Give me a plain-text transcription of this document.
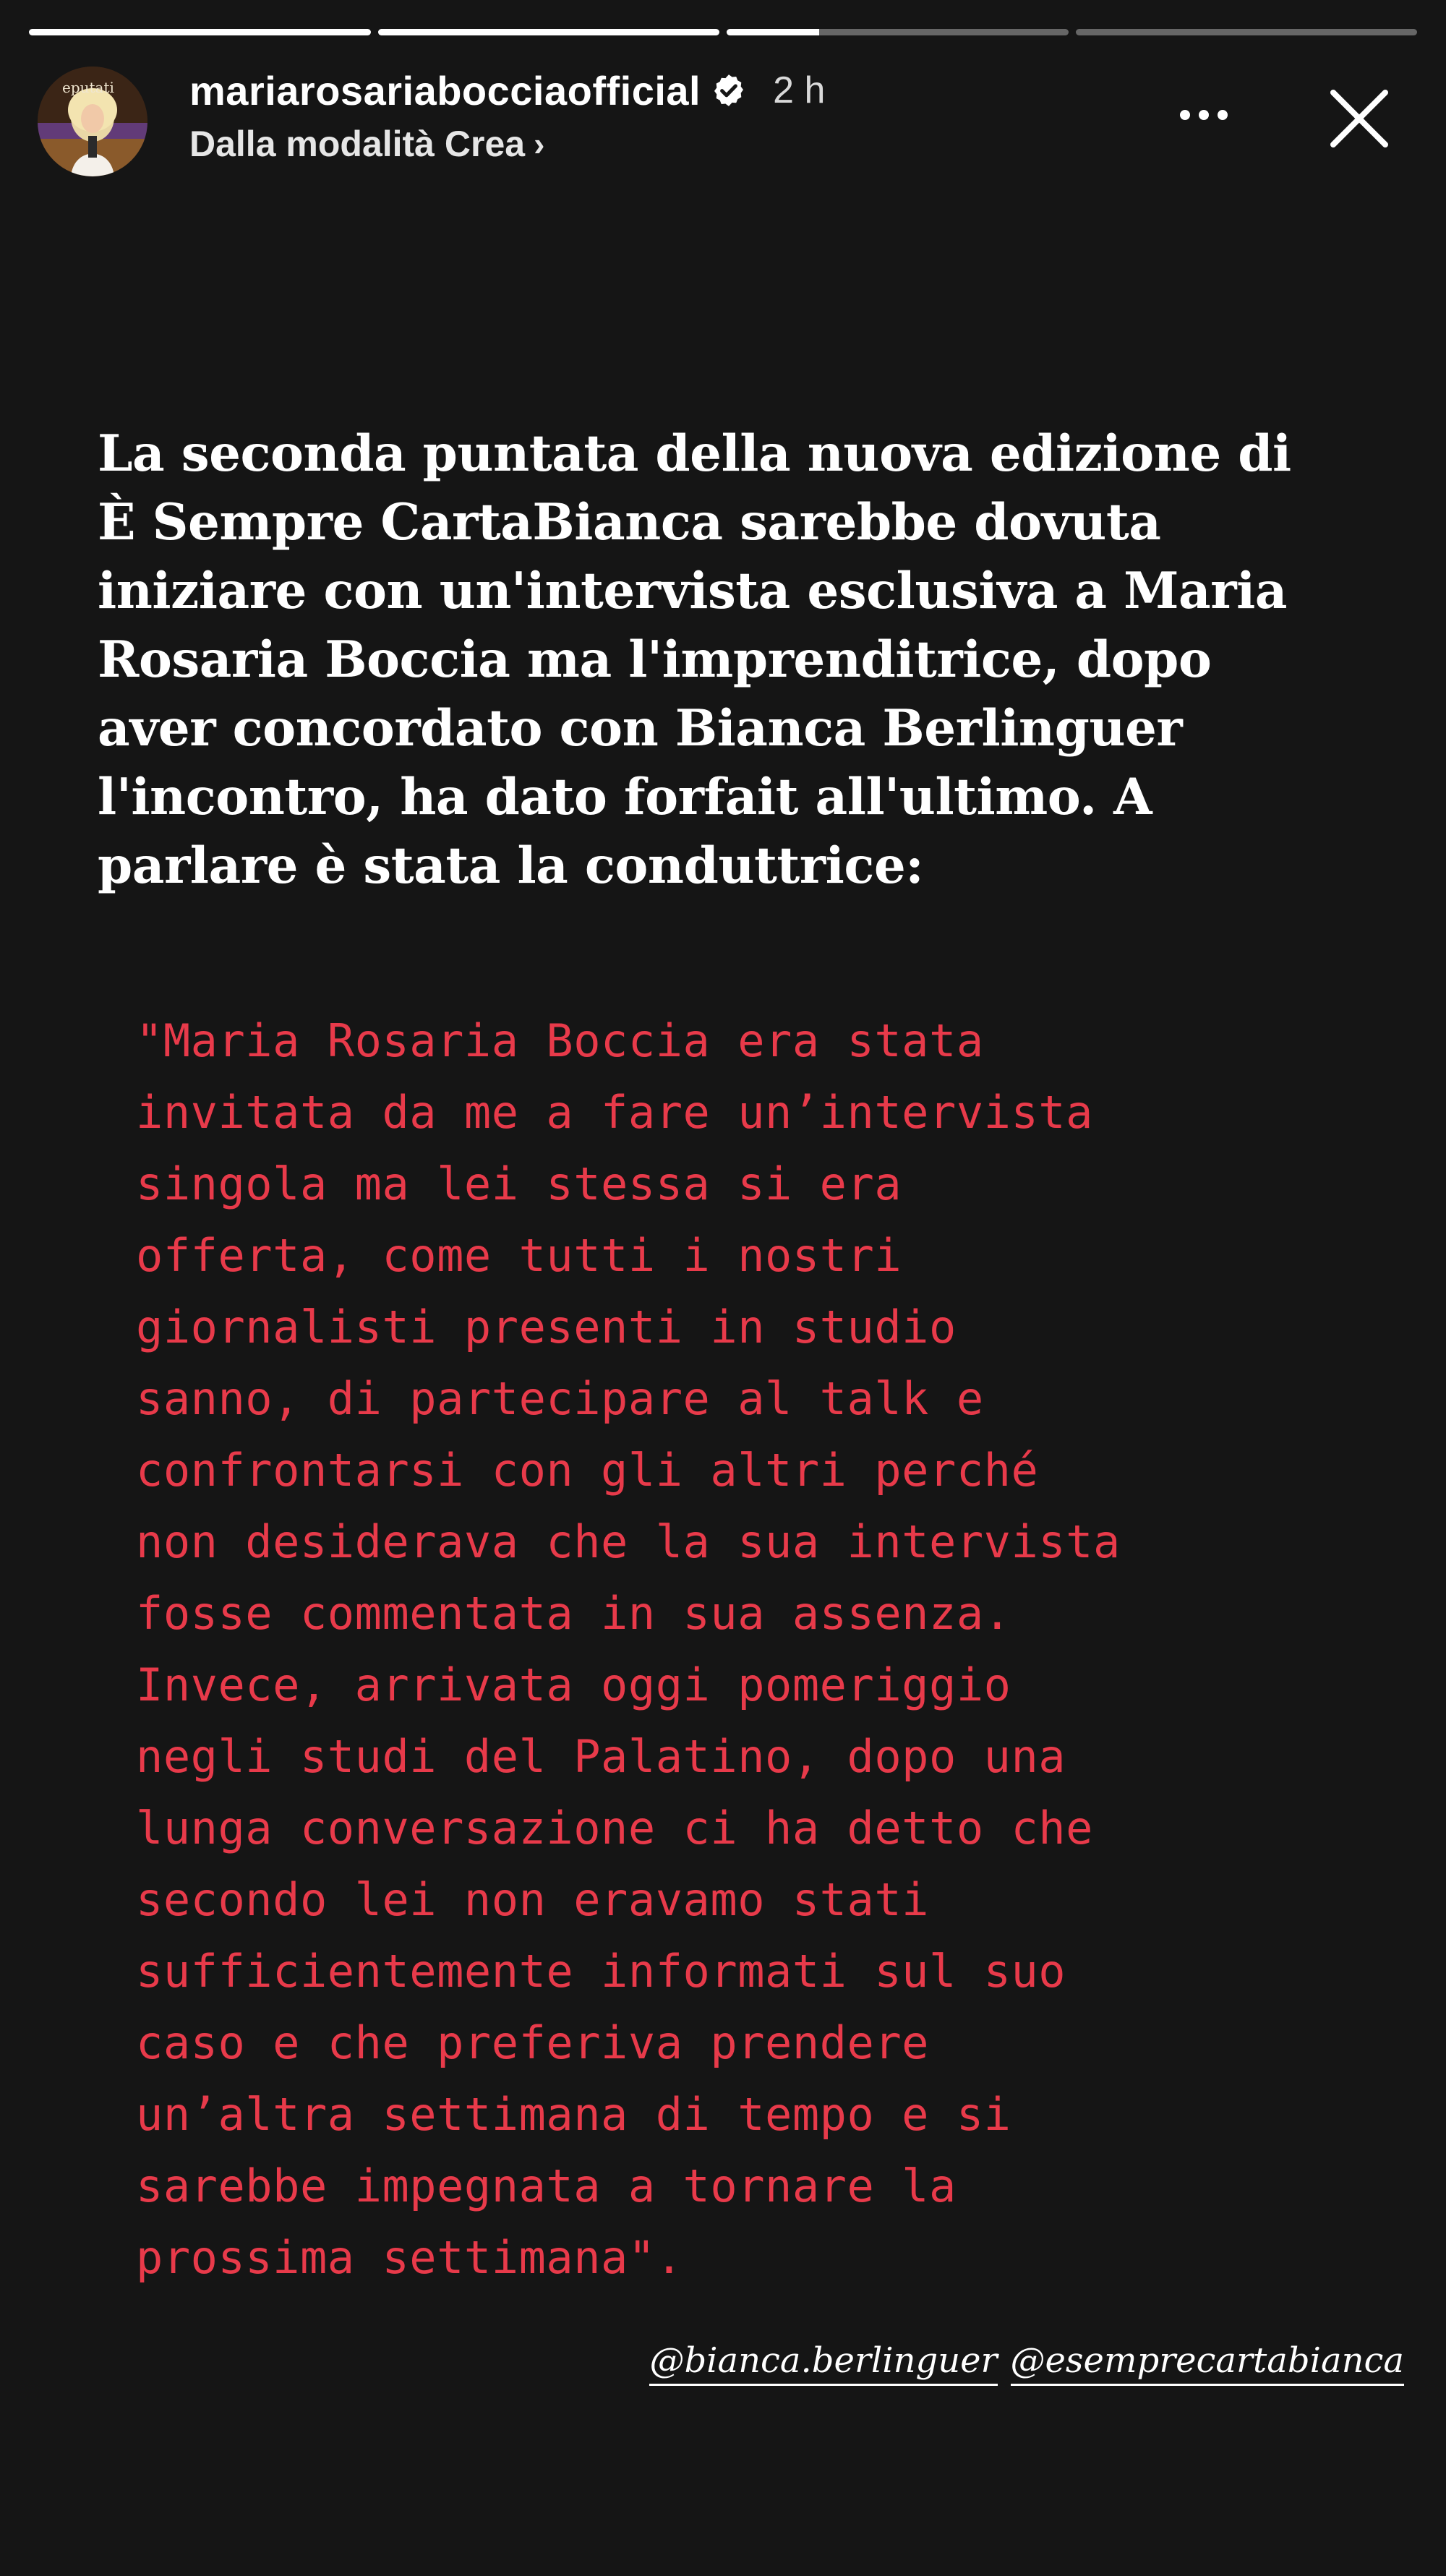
eputati mariarosariabocciaofficial 2 h
Dalla modalità Crea ›
La seconda puntata della nuova edizione di
È Sempre CartaBianca sarebbe dovuta
iniziare con un'intervista esclusiva a Maria
Rosaria Boccia ma l'imprenditrice, dopo
aver concordato con Bianca Berlinguer
l'incontro, ha dato forfait all'ultimo. A
parlare è stata la conduttrice:
"Maria Rosaria Boccia era stata
invitata da me a fare un’intervista
singola ma lei stessa si era
offerta, come tutti i nostri
giornalisti presenti in studio
sanno, di partecipare al talk e
confrontarsi con gli altri perché
non desiderava che la sua intervista
fosse commentata in sua assenza.
Invece, arrivata oggi pomeriggio
negli studi del Palatino, dopo una
lunga conversazione ci ha detto che
secondo lei non eravamo stati
sufficientemente informati sul suo
caso e che preferiva prendere
un’altra settimana di tempo e si
sarebbe impegnata a tornare la
prossima settimana".
@bianca.berlinguer @esemprecartabianca
